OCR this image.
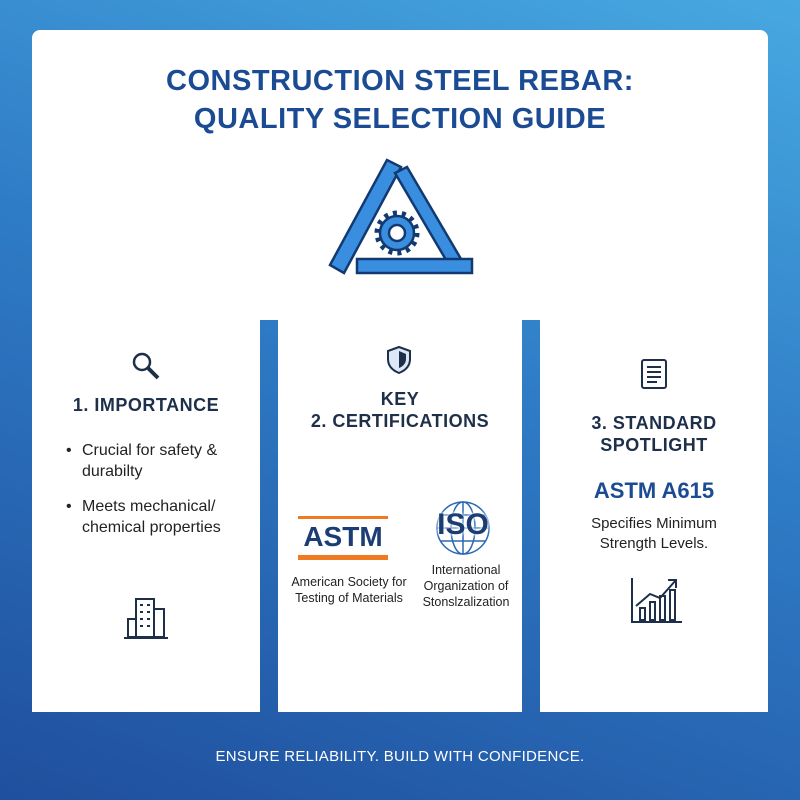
CONSTRUCTION STEEL REBAR:
QUALITY SELECTION GUIDE
1. IMPORTANCE
• Crucial for safety & durabilty
• Meets mechanical/ chemical properties
KEY
2. CERTIFICATIONS
ASTM
American Society for Testing of Materials
ISO
International Organization of Stonslzalization
3. STANDARD
SPOTLIGHT
ASTM A615
Specifies Minimum Strength Levels.
ENSURE RELIABILITY. BUILD WITH CONFIDENCE.
